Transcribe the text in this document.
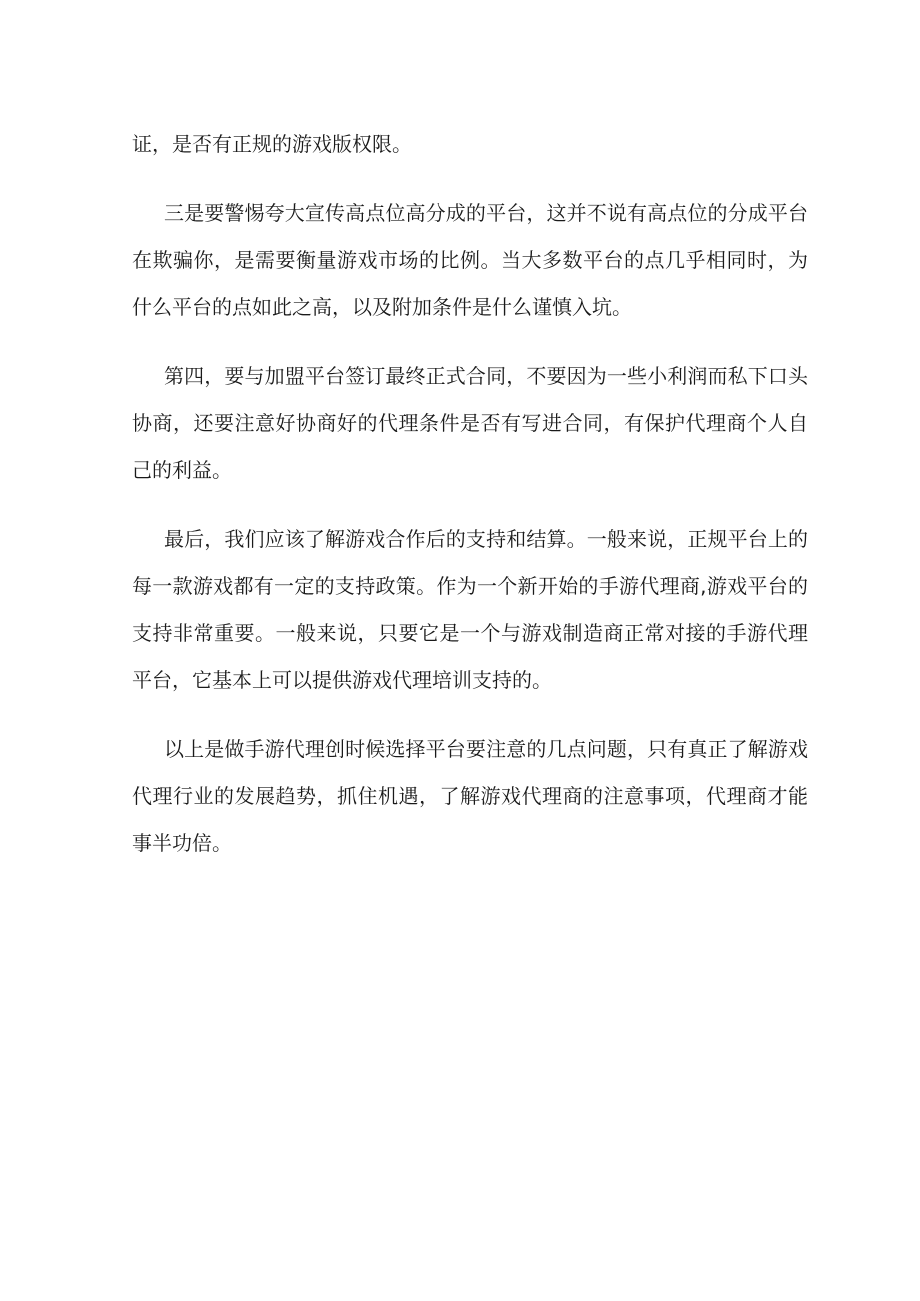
证，是否有正规的游戏版权限。

三是要警惕夸大宣传高点位高分成的平台，这并不说有高点位的分成平台在欺骗你，是需要衡量游戏市场的比例。当大多数平台的点几乎相同时，为什么平台的点如此之高，以及附加条件是什么谨慎入坑。

第四，要与加盟平台签订最终正式合同，不要因为一些小利润而私下口头协商，还要注意好协商好的代理条件是否有写进合同，有保护代理商个人自己的利益。

最后，我们应该了解游戏合作后的支持和结算。一般来说，正规平台上的每一款游戏都有一定的支持政策。作为一个新开始的手游代理商,游戏平台的支持非常重要。一般来说，只要它是一个与游戏制造商正常对接的手游代理平台，它基本上可以提供游戏代理培训支持的。

以上是做手游代理创时候选择平台要注意的几点问题，只有真正了解游戏代理行业的发展趋势，抓住机遇，了解游戏代理商的注意事项，代理商才能事半功倍。
